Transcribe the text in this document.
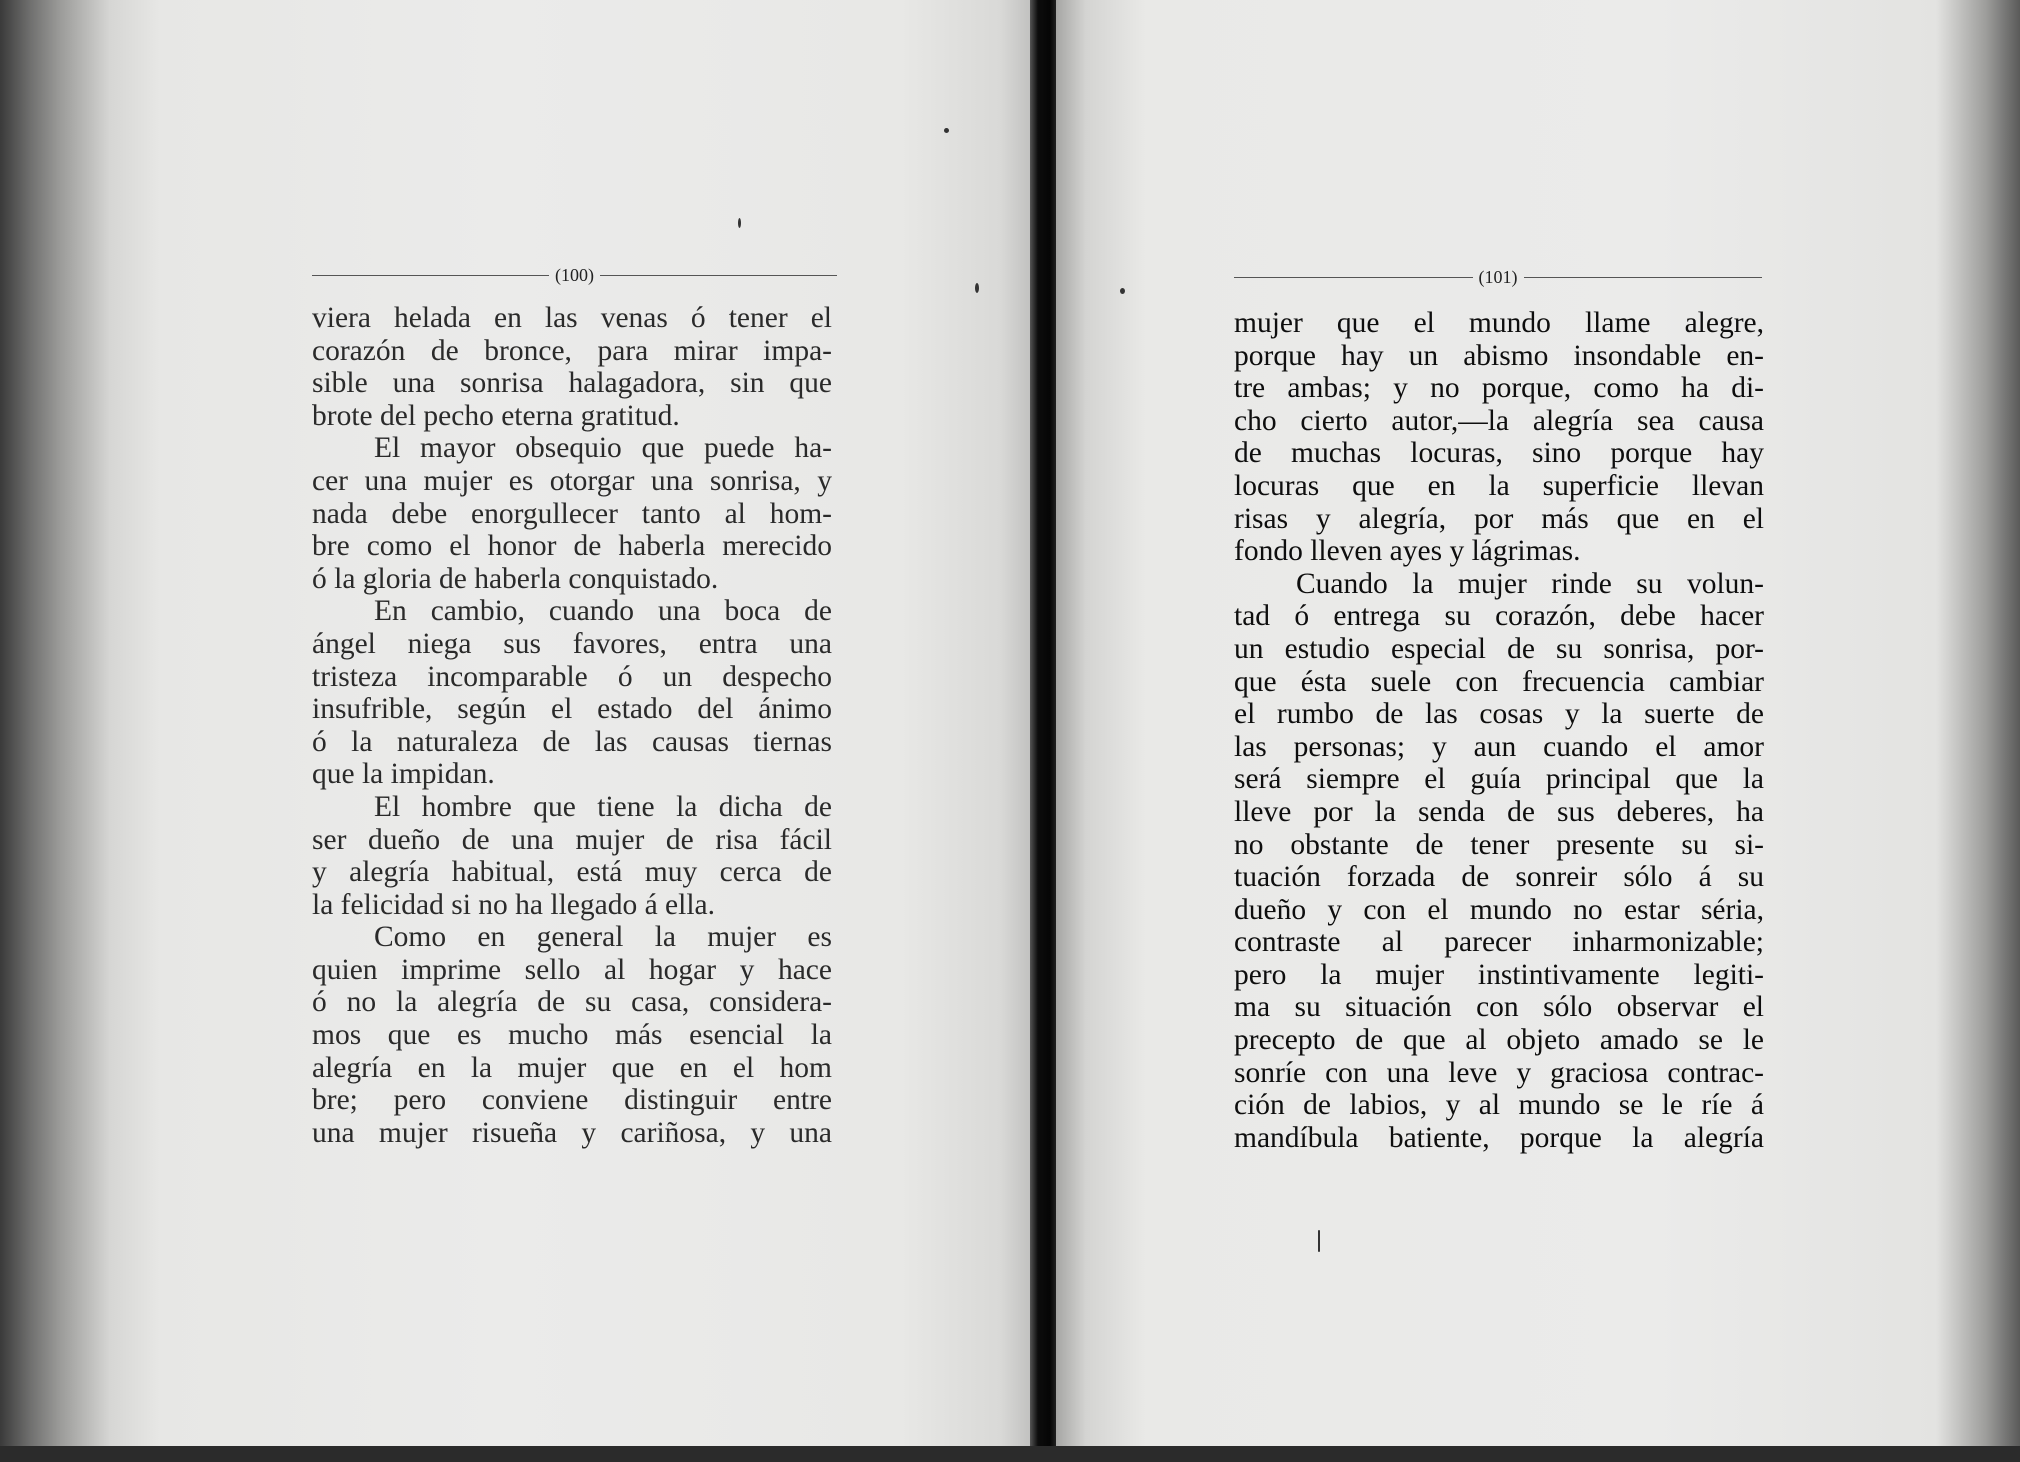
(100)
viera helada en las venas ó tener el
corazón de bronce, para mirar impa-
sible una sonrisa halagadora, sin que
brote del pecho eterna gratitud.
El mayor obsequio que puede ha-
cer una mujer es otorgar una sonrisa, y
nada debe enorgullecer tanto al hom-
bre como el honor de haberla merecido
ó la gloria de haberla conquistado.
En cambio, cuando una boca de
ángel niega sus favores, entra una
tristeza incomparable ó un despecho
insufrible, según el estado del ánimo
ó la naturaleza de las causas tiernas
que la impidan.
El hombre que tiene la dicha de
ser dueño de una mujer de risa fácil
y alegría habitual, está muy cerca de
la felicidad si no ha llegado á ella.
Como en general la mujer es
quien imprime sello al hogar y hace
ó no la alegría de su casa, considera-
mos que es mucho más esencial la
alegría en la mujer que en el hom
bre; pero conviene distinguir entre
una mujer risueña y cariñosa, y una
(101)
mujer que el mundo llame alegre,
porque hay un abismo insondable en-
tre ambas; y no porque, como ha di-
cho cierto autor,—la alegría sea causa
de muchas locuras, sino porque hay
locuras que en la superficie llevan
risas y alegría, por más que en el
fondo lleven ayes y lágrimas.
Cuando la mujer rinde su volun-
tad ó entrega su corazón, debe hacer
un estudio especial de su sonrisa, por-
que ésta suele con frecuencia cambiar
el rumbo de las cosas y la suerte de
las personas; y aun cuando el amor
será siempre el guía principal que la
lleve por la senda de sus deberes, ha
no obstante de tener presente su si-
tuación forzada de sonreir sólo á su
dueño y con el mundo no estar séria,
contraste al parecer inharmonizable;
pero la mujer instintivamente legiti-
ma su situación con sólo observar el
precepto de que al objeto amado se le
sonríe con una leve y graciosa contrac-
ción de labios, y al mundo se le ríe á
mandíbula batiente, porque la alegría
